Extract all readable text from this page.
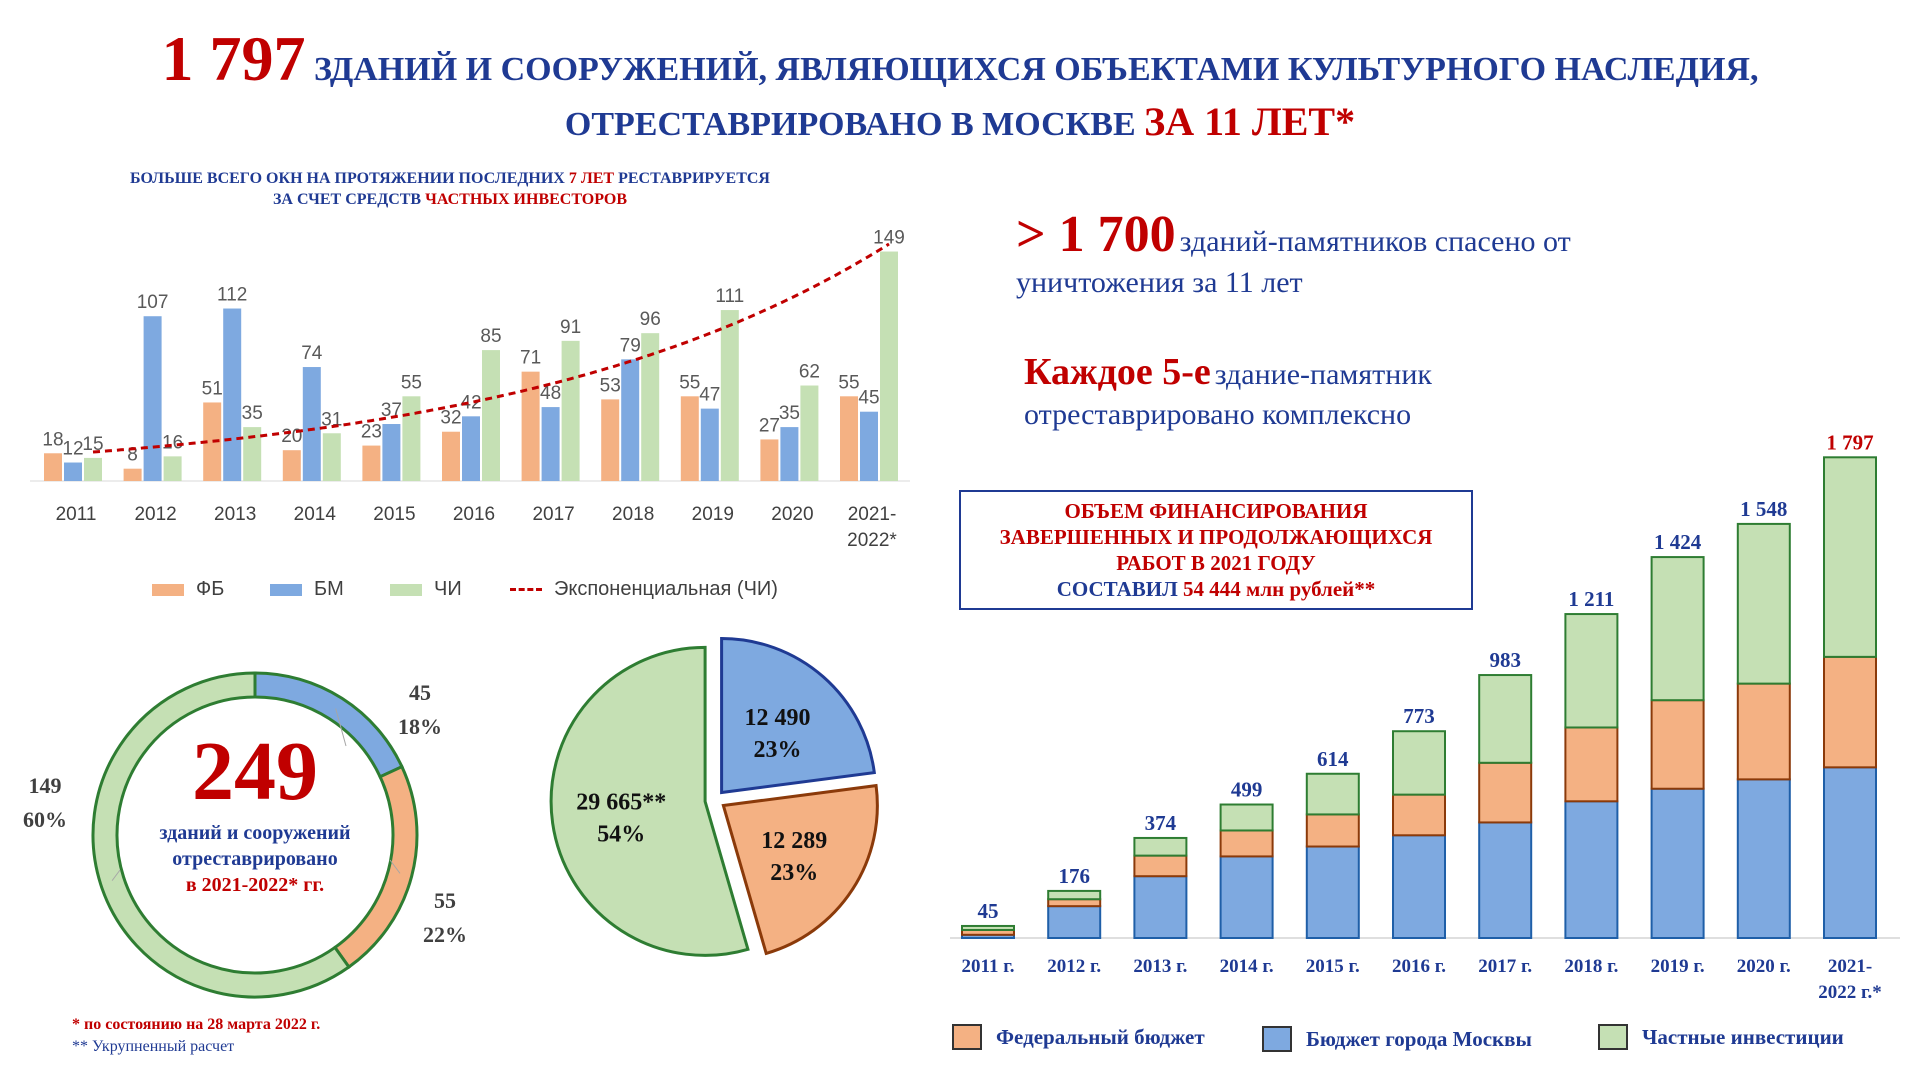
1 797 ЗДАНИЙ И СООРУЖЕНИЙ, ЯВЛЯЮЩИХСЯ ОБЪЕКТАМИ КУЛЬТУРНОГО НАСЛЕДИЯ,
ОТРЕСТАВРИРОВАНО В МОСКВЕ ЗА 11 ЛЕТ*
БОЛЬШЕ ВСЕГО ОКН НА ПРОТЯЖЕНИИ ПОСЛЕДНИХ 7 ЛЕТ РЕСТАВРИРУЕТСЯ
ЗА СЧЕТ СРЕДСТВ ЧАСТНЫХ ИНВЕСТОРОВ
18
12
15
2011
8
107
16
2012
51
112
35
2013
20
74
31
2014
23
37
55
2015
32
42
85
2016
71
48
91
2017
53
79
96
2018
55
47
111
2019
27
35
62
2020
55
45
149
2021-
2022*
ФБ	БМ	ЧИ	Экспоненциальная (ЧИ)
> 1 700 зданий-памятников спасено от
уничтожения за 11 лет
Каждое 5-е здание-памятник
отреставрировано комплексно
ОБЪЕМ ФИНАНСИРОВАНИЯ
ЗАВЕРШЕННЫХ И ПРОДОЛЖАЮЩИХСЯ
РАБОТ В 2021 ГОДУ
СОСТАВИЛ 54 444 млн рублей**
45
18%
55
22%
149
60%
249
зданий и сооружений
отреставрировано
в 2021-2022* гг.
12 490
23%
12 289
23%
29 665**
54%
45
2011 г.
176
2012 г.
374
2013 г.
499
2014 г.
614
2015 г.
773
2016 г.
983
2017 г.
1 211
2018 г.
1 424
2019 г.
1 548
2020 г.
1 797
2021-
2022 г.*
Федеральный бюджет	Бюджет города Москвы	Частные инвестиции
* по состоянию на 28 марта 2022 г.
** Укрупненный расчет
